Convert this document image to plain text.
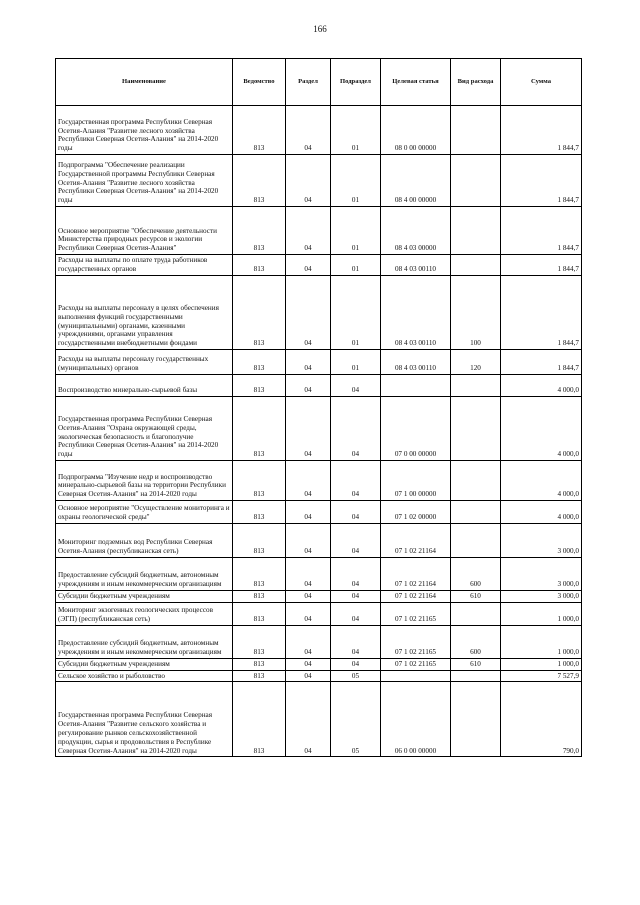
166
Наименование	Ведомство	Раздел	Подраздел	Целевая статья	Вид расхода	Сумма
Государственная программа Республики Северная Осетия-Алания "Развитие лесного хозяйства Республики Северная Осетия-Алания" на 2014-2020 годы	813	04	01	08 0 00 00000		1 844,7
Подпрограмма "Обеспечение реализации Государственной программы Республики Северная Осетия-Алания "Развитие лесного хозяйства Республики Северная Осетия-Алания" на 2014-2020 годы	813	04	01	08 4 00 00000		1 844,7
Основное мероприятие "Обеспечение деятельности Министерства природных ресурсов и экологии Республики Северная Осетия-Алания"	813	04	01	08 4 03 00000		1 844,7
Расходы на выплаты по оплате труда работников государственных органов	813	04	01	08 4 03 00110		1 844,7
Расходы на выплаты персоналу в целях обеспечения выполнения функций государственными (муниципальными) органами, казенными учреждениями, органами управления государственными внебюджетными фондами	813	04	01	08 4 03 00110	100	1 844,7
Расходы на выплаты персоналу государственных (муниципальных) органов	813	04	01	08 4 03 00110	120	1 844,7
Воспроизводство минерально-сырьевой базы	813	04	04			4 000,0
Государственная программа Республики Северная Осетия-Алания "Охрана окружающей среды, экологическая безопасность и благополучие Республики Северная Осетия-Алания" на 2014-2020 годы	813	04	04	07 0 00 00000		4 000,0
Подпрограмма "Изучение недр и воспроизводство минерально-сырьевой базы на территории Республики Северная Осетия-Алания" на 2014-2020 годы	813	04	04	07 1 00 00000		4 000,0
Основное мероприятие "Осуществление мониторинга и охраны геологической среды"	813	04	04	07 1 02 00000		4 000,0
Мониторинг подземных вод Республики Северная Осетия-Алания (республиканская сеть)	813	04	04	07 1 02 21164		3 000,0
Предоставление субсидий бюджетным, автономным учреждениям и иным некоммерческим организациям	813	04	04	07 1 02 21164	600	3 000,0
Субсидии бюджетным учреждениям	813	04	04	07 1 02 21164	610	3 000,0
Мониторинг экзогенных геологических процессов (ЭГП) (республиканская сеть)	813	04	04	07 1 02 21165		1 000,0
Предоставление субсидий бюджетным, автономным учреждениям и иным некоммерческим организациям	813	04	04	07 1 02 21165	600	1 000,0
Субсидии бюджетным учреждениям	813	04	04	07 1 02 21165	610	1 000,0
Сельское хозяйство и рыболовство	813	04	05			7 527,9
Государственная программа Республики Северная Осетия-Алания "Развитие сельского хозяйства и регулирование рынков сельскохозяйственной продукции, сырья и продовольствия в Республике Северная Осетия-Алания" на 2014-2020 годы	813	04	05	06 0 00 00000		790,0
